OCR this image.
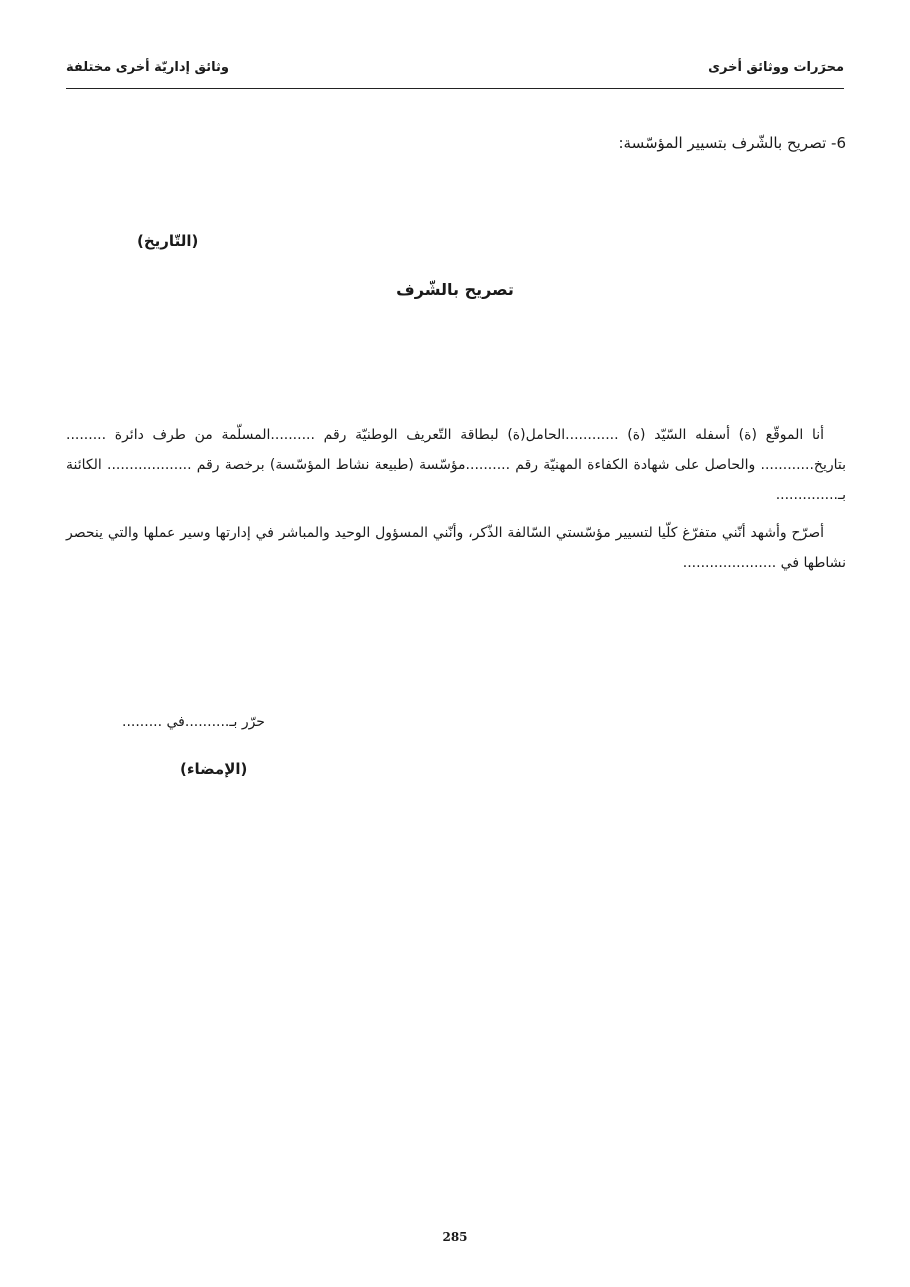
محرَرات ووثائق أخرى
وثائق إداريّة أخرى مختلفة
6- تصريح بالشّرف بتسيير المؤسّسة:
(التّاريخ)
تصريح بالشّرف

أنا الموقّع (ة) أسفله السّيّد (ة) ............الحامل(ة) لبطاقة التّعريف الوطنيّة رقم ..........المسلّمة من طرف دائرة ......... بتاريخ............ والحاصل على شهادة الكفاءة المهنيّة رقم ..........مؤسّسة (طبيعة نشاط المؤسّسة) برخصة رقم ................... الكائنة بـ..............

أصرّح وأشهد أنّني متفرّغ كلّيا لتسيير مؤسّستي السّالفة الذّكر، وأنّني المسؤول الوحيد والمباشر في إدارتها وسير عملها والتي ينحصر نشاطها في .....................

حرّر بـ..........في .........
(الإمضاء)
285
